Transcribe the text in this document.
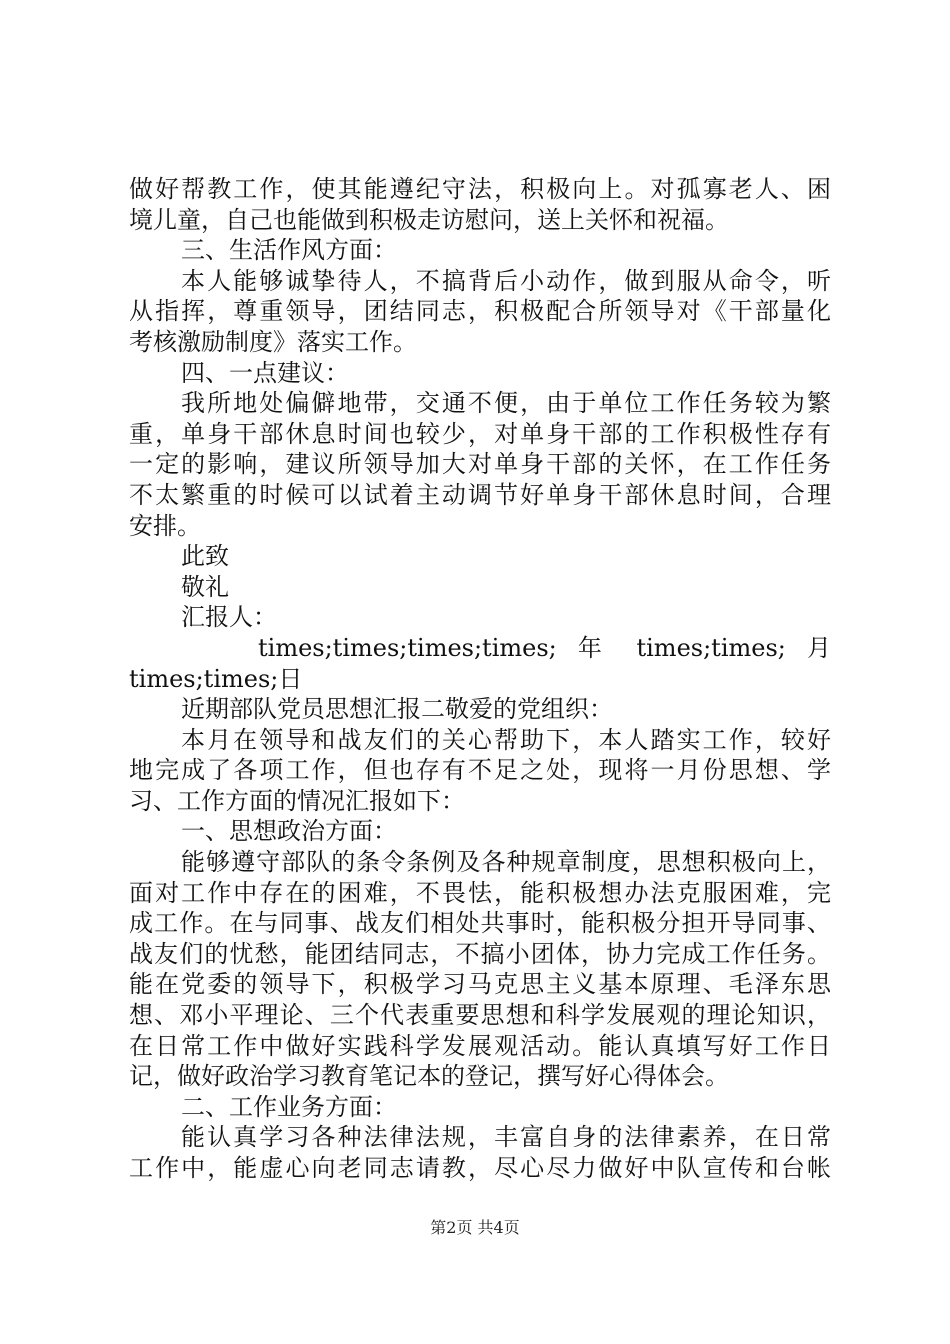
做好帮教工作，使其能遵纪守法，积极向上。对孤寡老人、困
境儿童，自己也能做到积极走访慰问，送上关怀和祝福。
三、生活作风方面：
本人能够诚挚待人，不搞背后小动作，做到服从命令，听
从指挥，尊重领导，团结同志，积极配合所领导对《干部量化
考核激励制度》落实工作。
四、一点建议：
我所地处偏僻地带，交通不便，由于单位工作任务较为繁
重，单身干部休息时间也较少，对单身干部的工作积极性存有
一定的影响，建议所领导加大对单身干部的关怀，在工作任务
不太繁重的时候可以试着主动调节好单身干部休息时间，合理
安排。
此致
敬礼
汇报人：
times;times;times;times; 年 times;times; 月
times;times;日
近期部队党员思想汇报二敬爱的党组织：
本月在领导和战友们的关心帮助下，本人踏实工作，较好
地完成了各项工作，但也存有不足之处，现将一月份思想、学
习、工作方面的情况汇报如下：
一、思想政治方面：
能够遵守部队的条令条例及各种规章制度，思想积极向上，
面对工作中存在的困难，不畏怯，能积极想办法克服困难，完
成工作。在与同事、战友们相处共事时，能积极分担开导同事、
战友们的忧愁，能团结同志，不搞小团体，协力完成工作任务。
能在党委的领导下，积极学习马克思主义基本原理、毛泽东思
想、邓小平理论、三个代表重要思想和科学发展观的理论知识，
在日常工作中做好实践科学发展观活动。能认真填写好工作日
记，做好政治学习教育笔记本的登记，撰写好心得体会。
二、工作业务方面：
能认真学习各种法律法规，丰富自身的法律素养，在日常
工作中，能虚心向老同志请教，尽心尽力做好中队宣传和台帐
第2页 共4页
